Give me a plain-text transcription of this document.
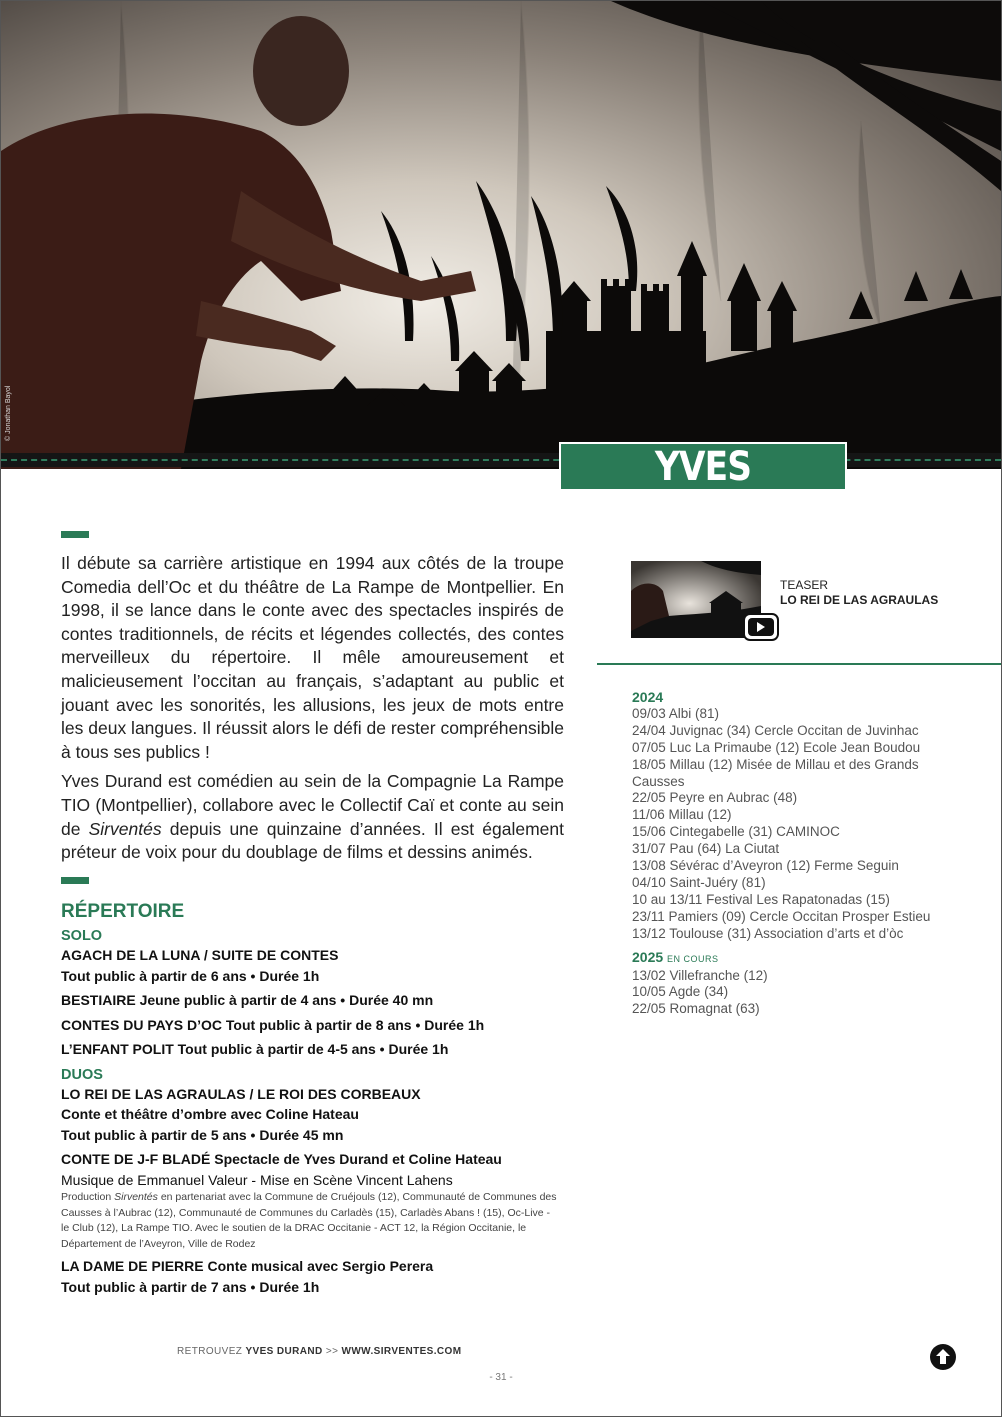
© Jonathan Bayol
YVES DURAND

Il débute sa carrière artistique en 1994 aux côtés de la troupe Comedia dell’Oc et du théâtre de La Rampe de Montpellier. En 1998, il se lance dans le conte avec des spectacles inspirés de contes traditionnels, de récits et légendes collectés, des contes merveilleux du répertoire. Il mêle amoureusement et malicieusement l’occitan au français, s’adaptant au public et jouant avec les sonorités, les allusions, les jeux de mots entre les deux langues. Il réussit alors le défi de rester compréhensible à tous ses publics !

Yves Durand est comédien au sein de la Compagnie La Rampe TIO (Montpellier), collabore avec le Collectif Caï et conte au sein de Sirventés depuis une quinzaine d’années. Il est également préteur de voix pour du doublage de films et dessins animés.

RÉPERTOIRE
SOLO
AGACH DE LA LUNA / SUITE DE CONTES
Tout public à partir de 6 ans • Durée 1h
BESTIAIRE Jeune public à partir de 4 ans • Durée 40 mn
CONTES DU PAYS D’OC Tout public à partir de 8 ans • Durée 1h
L’ENFANT POLIT Tout public à partir de 4-5 ans • Durée 1h
DUOS
LO REI DE LAS AGRAULAS / LE ROI DES CORBEAUX
Conte et théâtre d’ombre avec Coline Hateau
Tout public à partir de 5 ans • Durée 45 mn
CONTE DE J-F BLADÉ Spectacle de Yves Durand et Coline Hateau
Musique de Emmanuel Valeur - Mise en Scène Vincent Lahens
Production Sirventés en partenariat avec la Commune de Cruéjouls (12), Communauté de Communes des Causses à l’Aubrac (12), Communauté de Communes du Carladès (15), Carladès Abans ! (15), Oc-Live - le Club (12), La Rampe TIO. Avec le soutien de la DRAC Occitanie - ACT 12, la Région Occitanie, le Département de l’Aveyron, Ville de Rodez
LA DAME DE PIERRE Conte musical avec Sergio Perera
Tout public à partir de 7 ans • Durée 1h
TEASER
LO REI DE LAS AGRAULAS
2024
09/03 Albi (81)
24/04 Juvignac (34) Cercle Occitan de Juvinhac
07/05 Luc La Primaube (12) Ecole Jean Boudou
18/05 Millau (12) Misée de Millau et des Grands Causses
22/05 Peyre en Aubrac (48)
11/06 Millau (12)
15/06 Cintegabelle (31) CAMINOC
31/07 Pau (64) La Ciutat
13/08 Sévérac d’Aveyron (12) Ferme Seguin
04/10 Saint-Juéry (81)
10 au 13/11 Festival Les Rapatonadas (15)
23/11 Pamiers (09) Cercle Occitan Prosper Estieu
13/12 Toulouse (31) Association d’arts et d’òc
2025 EN COURS
13/02 Villefranche (12)
10/05 Agde (34)
22/05 Romagnat (63)
RETROUVEZ YVES DURAND >> WWW.SIRVENTES.COM
- 31 -
